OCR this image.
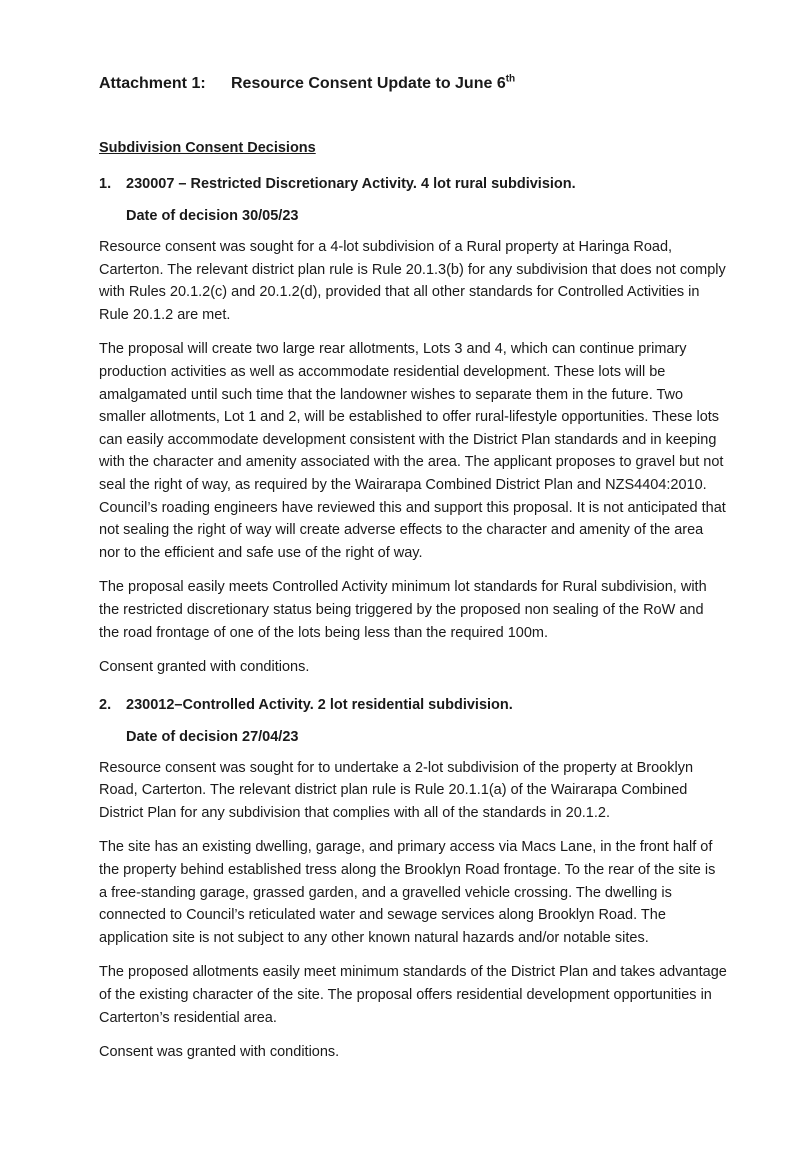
Attachment 1: Resource Consent Update to June 6th
Subdivision Consent Decisions
1. 230007 – Restricted Discretionary Activity. 4 lot rural subdivision.
Date of decision 30/05/23

Resource consent was sought for a 4-lot subdivision of a Rural property at Haringa Road, Carterton. The relevant district plan rule is Rule 20.1.3(b) for any subdivision that does not comply with Rules 20.1.2(c) and 20.1.2(d), provided that all other standards for Controlled Activities in Rule 20.1.2 are met.

The proposal will create two large rear allotments, Lots 3 and 4, which can continue primary production activities as well as accommodate residential development. These lots will be amalgamated until such time that the landowner wishes to separate them in the future. Two smaller allotments, Lot 1 and 2, will be established to offer rural-lifestyle opportunities. These lots can easily accommodate development consistent with the District Plan standards and in keeping with the character and amenity associated with the area. The applicant proposes to gravel but not seal the right of way, as required by the Wairarapa Combined District Plan and NZS4404:2010. Council’s roading engineers have reviewed this and support this proposal. It is not anticipated that not sealing the right of way will create adverse effects to the character and amenity of the area nor to the efficient and safe use of the right of way.

The proposal easily meets Controlled Activity minimum lot standards for Rural subdivision, with the restricted discretionary status being triggered by the proposed non sealing of the RoW and the road frontage of one of the lots being less than the required 100m.

Consent granted with conditions.

2. 230012–Controlled Activity. 2 lot residential subdivision.
Date of decision 27/04/23

Resource consent was sought for to undertake a 2-lot subdivision of the property at Brooklyn Road, Carterton. The relevant district plan rule is Rule 20.1.1(a) of the Wairarapa Combined District Plan for any subdivision that complies with all of the standards in 20.1.2.

The site has an existing dwelling, garage, and primary access via Macs Lane, in the front half of the property behind established tress along the Brooklyn Road frontage. To the rear of the site is a free-standing garage, grassed garden, and a gravelled vehicle crossing. The dwelling is connected to Council’s reticulated water and sewage services along Brooklyn Road. The application site is not subject to any other known natural hazards and/or notable sites.

The proposed allotments easily meet minimum standards of the District Plan and takes advantage of the existing character of the site. The proposal offers residential development opportunities in Carterton’s residential area.

Consent was granted with conditions.
